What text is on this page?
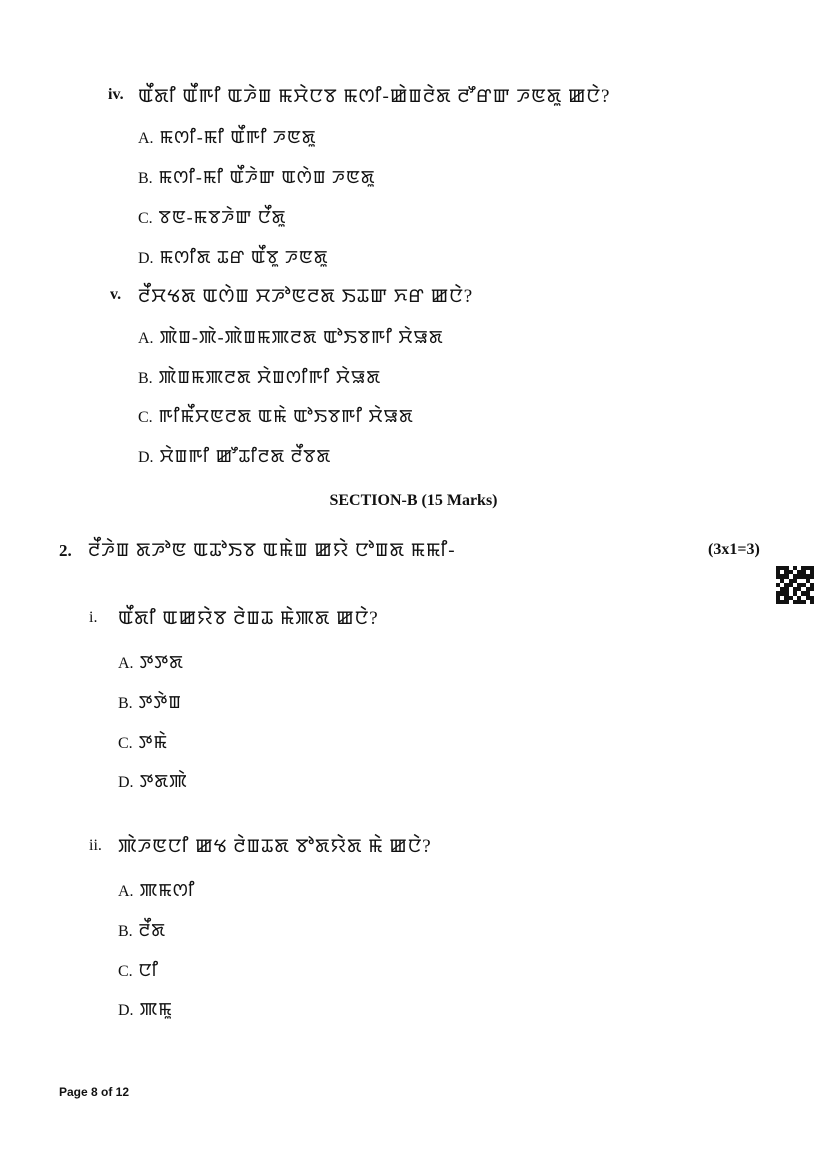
iv. ꯑꯩꯗꯤ ꯑꯩꯒꯤ ꯑꯍꯥꯡ ꯃꯆꯥꯅꯕ ꯃꯁꯤ-ꯀꯥꯡꯂꯥꯗ ꯂꯧꯔꯛ ꯍꯟꯗꯨ ꯀꯅꯥ?
A. ꯃꯁꯤ-ꯃꯤ ꯑꯩꯒꯤ ꯍꯟꯗꯨ
B. ꯃꯁꯤ-ꯃꯤ ꯑꯩꯍꯥꯛ ꯑꯁꯥꯡ ꯍꯟꯗꯨ
C. ꯕꯟ-ꯃꯕꯍꯥꯛ ꯅꯩꯗꯨ
D. ꯃꯁꯤꯗ ꯊꯔ ꯑꯩꯕꯨ ꯍꯟꯗꯨ
v. ꯂꯩꯆꯠꯗ ꯑꯁꯥꯡ ꯆꯍꯣꯟꯂꯗ ꯏꯊꯛ ꯈꯔ ꯀꯅꯥ?
A. ꯄꯥꯡ-ꯄꯥ-ꯄꯥꯡꯃꯄꯂꯗ ꯑꯣꯏꯕꯒꯤ ꯆꯥꯎꯗ
B. ꯄꯥꯡꯃꯄꯂꯗ ꯆꯥꯡꯁꯤꯒꯤ ꯆꯥꯎꯗ
C. ꯒꯤꯃꯩꯆꯟꯂꯗ ꯑꯃꯥ ꯑꯣꯏꯕꯒꯤ ꯆꯥꯎꯗ
D. ꯆꯥꯡꯒꯤ ꯀꯧꯊꯤꯂꯗ ꯂꯩꯕꯗ
SECTION-B (15 Marks)
2. ꯂꯩꯍꯥꯡ ꯗꯍꯣꯟ ꯑꯊꯣꯏꯕ ꯑꯃꯥꯡ ꯀꯌꯥ ꯅꯣꯡꯗ ꯃꯃꯤ-	(3x1=3)
i. ꯑꯩꯗꯤ ꯑꯀꯌꯥꯕ ꯂꯥꯡꯊ ꯃꯥꯄꯗ ꯀꯅꯥ?
A. ꯇꯇꯗ
B. ꯇꯇꯥꯡ
C. ꯇꯃꯥ
D. ꯇꯗꯄꯥ
ii. ꯄꯥꯍꯟꯅꯤ ꯀꯠ ꯂꯥꯡꯊꯗ ꯕꯣꯗꯌꯥꯗ ꯃꯥ ꯀꯅꯥ?
A. ꯄꯃꯁꯤ
B. ꯂꯩꯗ
C. ꯅꯤ
D. ꯄꯃꯨ
Page 8 of 12
